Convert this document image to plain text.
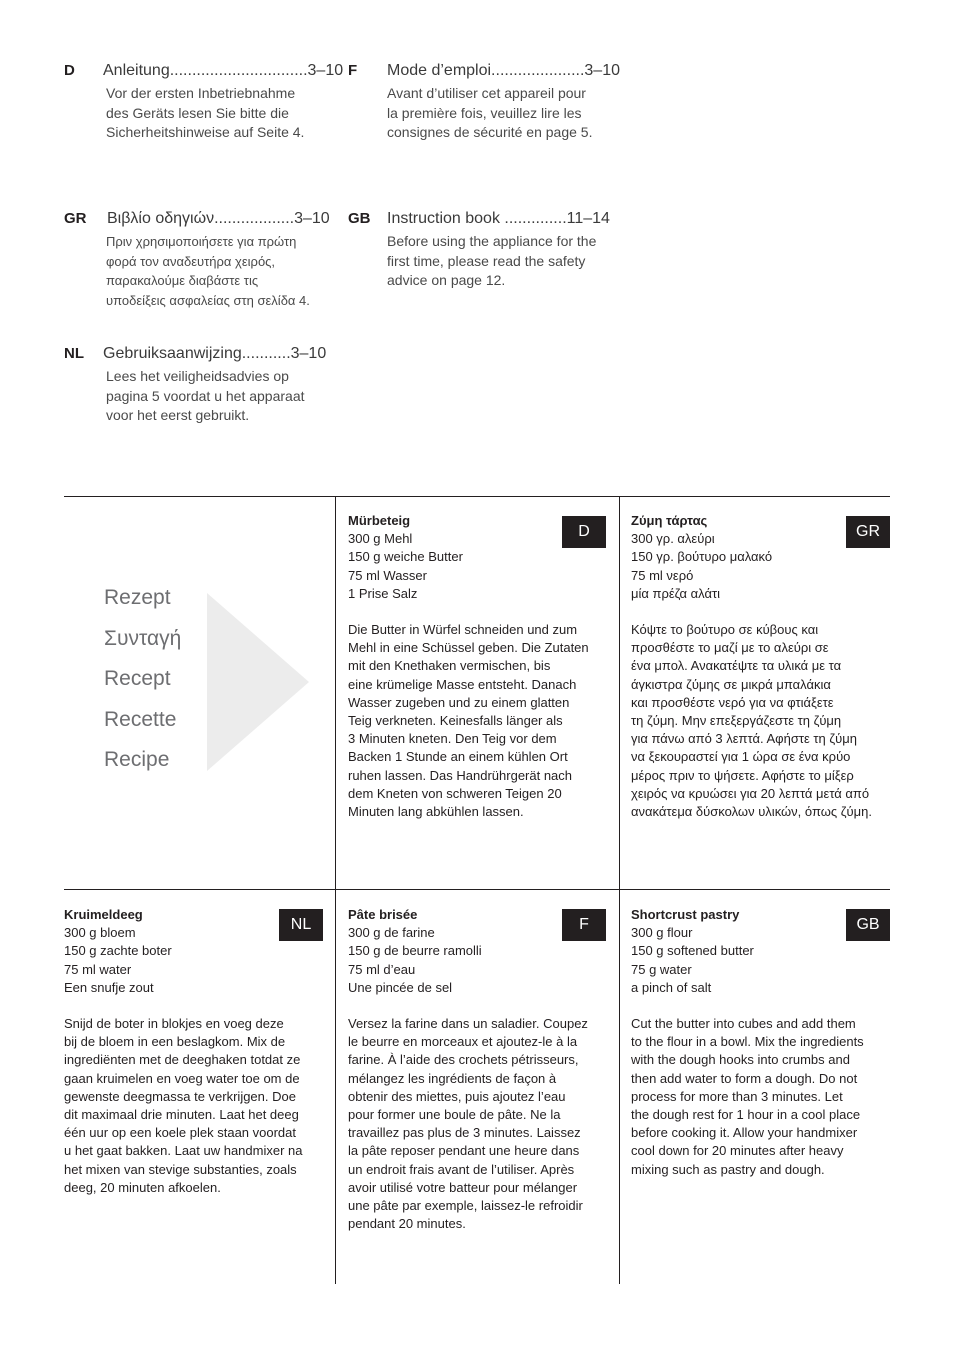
D Anleitung...............................3–10
Vor der ersten Inbetriebnahme
des Geräts lesen Sie bitte die
Sicherheitshinweise auf Seite 4.
F Mode d’emploi.....................3–10
Avant d’utiliser cet appareil pour
la première fois, veuillez lire les
consignes de sécurité en page 5.
GR Βιβλίο οδηγιών..................3–10
Πριν χρησιμοποιήσετε για πρώτη
φορά τον αναδευτήρα χειρός,
παρακαλούμε διαβάστε τις
υποδείξεις ασφαλείας στη σελίδα 4.
GB Instruction book ..............11–14
Before using the appliance for the
first time, please read the safety
advice on page 12.
NL Gebruiksaanwijzing...........3–10
Lees het veiligheidsadvies op
pagina 5 voordat u het apparaat
voor het eerst gebruikt.
Rezept
Συνταγή
Recept
Recette
Recipe
Mürbeteig
300 g Mehl
150 g weiche Butter
75 ml Wasser
1 Prise Salz
Die Butter in Würfel schneiden und zum
Mehl in eine Schüssel geben. Die Zutaten
mit den Knethaken vermischen, bis
eine krümelige Masse entsteht. Danach
Wasser zugeben und zu einem glatten
Teig verkneten. Keinesfalls länger als
3 Minuten kneten. Den Teig vor dem
Backen 1 Stunde an einem kühlen Ort
ruhen lassen. Das Handrührgerät nach
dem Kneten von schweren Teigen 20
Minuten lang abkühlen lassen.
D
Ζύμη τάρτας
300 γρ. αλεύρι
150 γρ. βούτυρο μαλακό
75 ml νερό
μία πρέζα αλάτι
Κόψτε το βούτυρο σε κύβους και
προσθέστε το μαζί με το αλεύρι σε
ένα μπολ. Ανακατέψτε τα υλικά με τα
άγκιστρα ζύμης σε μικρά μπαλάκια
και προσθέστε νερό για να φτιάξετε
τη ζύμη. Μην επεξεργάζεστε τη ζύμη
για πάνω από 3 λεπτά. Αφήστε τη ζύμη
να ξεκουραστεί για 1 ώρα σε ένα κρύο
μέρος πριν το ψήσετε. Αφήστε το μίξερ
χειρός να κρυώσει για 20 λεπτά μετά από
ανακάτεμα δύσκολων υλικών, όπως ζύμη.
GR
Kruimeldeeg
300 g bloem
150 g zachte boter
75 ml water
Een snufje zout
Snijd de boter in blokjes en voeg deze
bij de bloem in een beslagkom. Mix de
ingrediënten met de deeghaken totdat ze
gaan kruimelen en voeg water toe om de
gewenste deegmassa te verkrijgen. Doe
dit maximaal drie minuten. Laat het deeg
één uur op een koele plek staan voordat
u het gaat bakken. Laat uw handmixer na
het mixen van stevige substanties, zoals
deeg, 20 minuten afkoelen.
NL
Pâte brisée
300 g de farine
150 g de beurre ramolli
75 ml d’eau
Une pincée de sel
Versez la farine dans un saladier. Coupez
le beurre en morceaux et ajoutez-le à la
farine. À l’aide des crochets pétrisseurs,
mélangez les ingrédients de façon à
obtenir des miettes, puis ajoutez l’eau
pour former une boule de pâte. Ne la
travaillez pas plus de 3 minutes. Laissez
la pâte reposer pendant une heure dans
un endroit frais avant de l’utiliser. Après
avoir utilisé votre batteur pour mélanger
une pâte par exemple, laissez-le refroidir
pendant 20 minutes.
F
Shortcrust pastry
300 g flour
150 g softened butter
75 g water
a pinch of salt
Cut the butter into cubes and add them
to the flour in a bowl. Mix the ingredients
with the dough hooks into crumbs and
then add water to form a dough. Do not
process for more than 3 minutes. Let
the dough rest for 1 hour in a cool place
before cooking it. Allow your handmixer
cool down for 20 minutes after heavy
mixing such as pastry and dough.
GB
